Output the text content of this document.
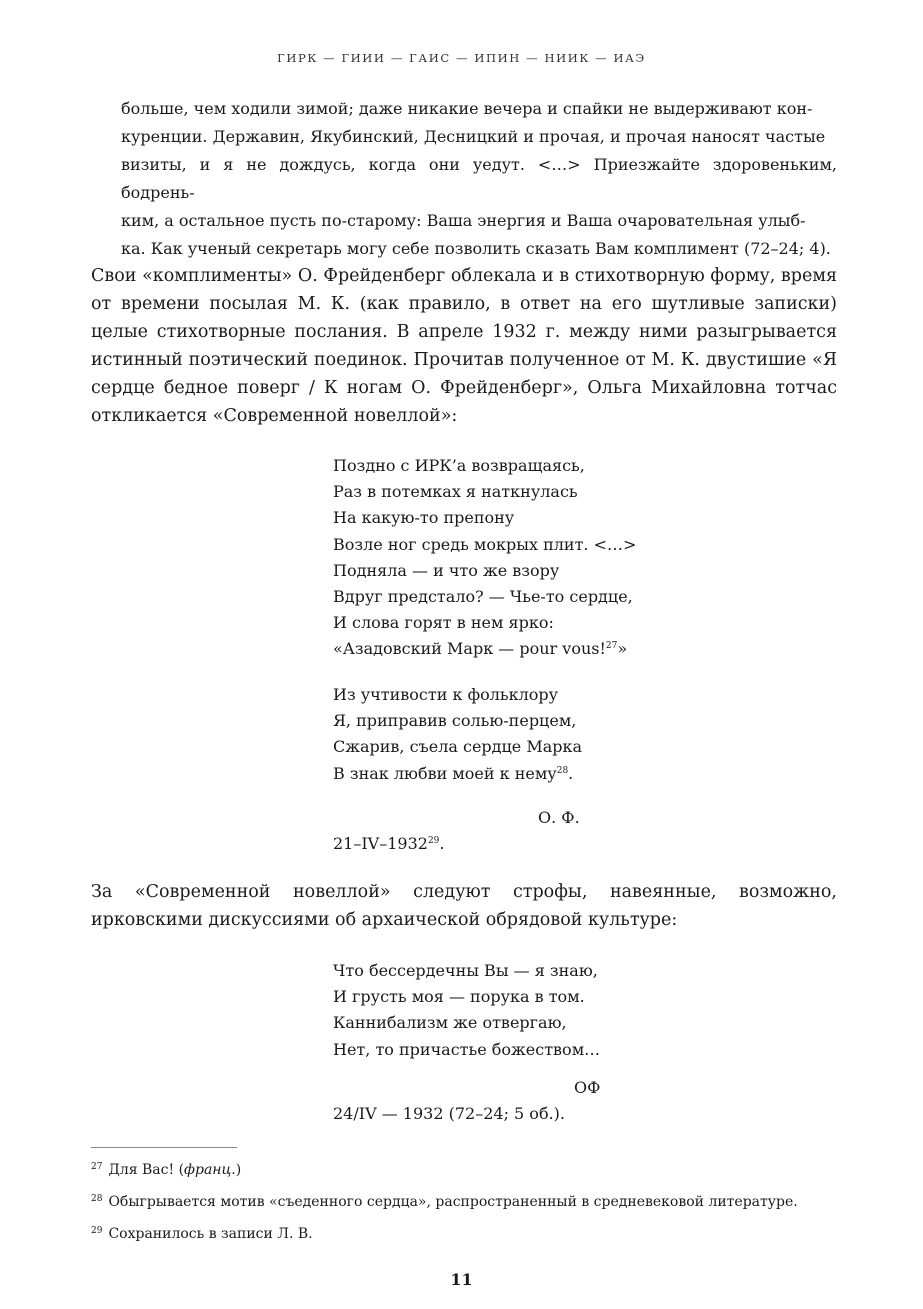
ГИРК — ГИИИ — ГАИС — ИПИН — НИИК — ИАЭ
больше, чем ходили зимой; даже никакие вечера и спайки не выдерживают кон-
куренции. Державин, Якубинский, Десницкий и прочая, и прочая наносят частые
визиты, и я не дождусь, когда они уедут. <…> Приезжайте здоровеньким, бодрень-
ким, а остальное пусть по-старому: Ваша энергия и Ваша очаровательная улыб-
ка. Как ученый секретарь могу себе позволить сказать Вам комплимент (72–24; 4).
Свои «комплименты» О. Фрейденберг облекала и в стихотворную форму, время от времени посылая М. К. (как правило, в ответ на его шутливые записки) целые стихотворные послания. В апреле 1932 г. между ними разыгрывается истинный поэтический поединок. Прочитав полученное от М. К. двустишие «Я сердце бедное поверг / К ногам О. Фрейденберг», Ольга Михайловна тотчас откликается «Современной новеллой»:
Поздно с ИРК’а возвращаясь,
Раз в потемках я наткнулась
На какую-то препону
Возле ног средь мокрых плит. <…>
Подняла — и что же взору
Вдруг предстало? — Чье-то сердце,
И слова горят в нем ярко:
«Азадовский Марк — pour vous!$^{27}$»
Из учтивости к фольклору
Я, приправив солью-перцем,
Сжарив, съела сердце Марка
В знак любви моей к нему$^{28}$.
О. Ф.
21–IV–1932$^{29}$.
За «Современной новеллой» следуют строфы, навеянные, возможно, ирковскими дискуссиями об архаической обрядовой культуре:
Что бессердечны Вы — я знаю,
И грусть моя — порука в том.
Каннибализм же отвергаю,
Нет, то причастье божеством…
ОФ
24/IV — 1932 (72–24; 5 об.).
$^{27}$ Для Вас! (франц.)
$^{28}$ Обыгрывается мотив «съеденного сердца», распространенный в средневековой литературе.
$^{29}$ Сохранилось в записи Л. В.
11
